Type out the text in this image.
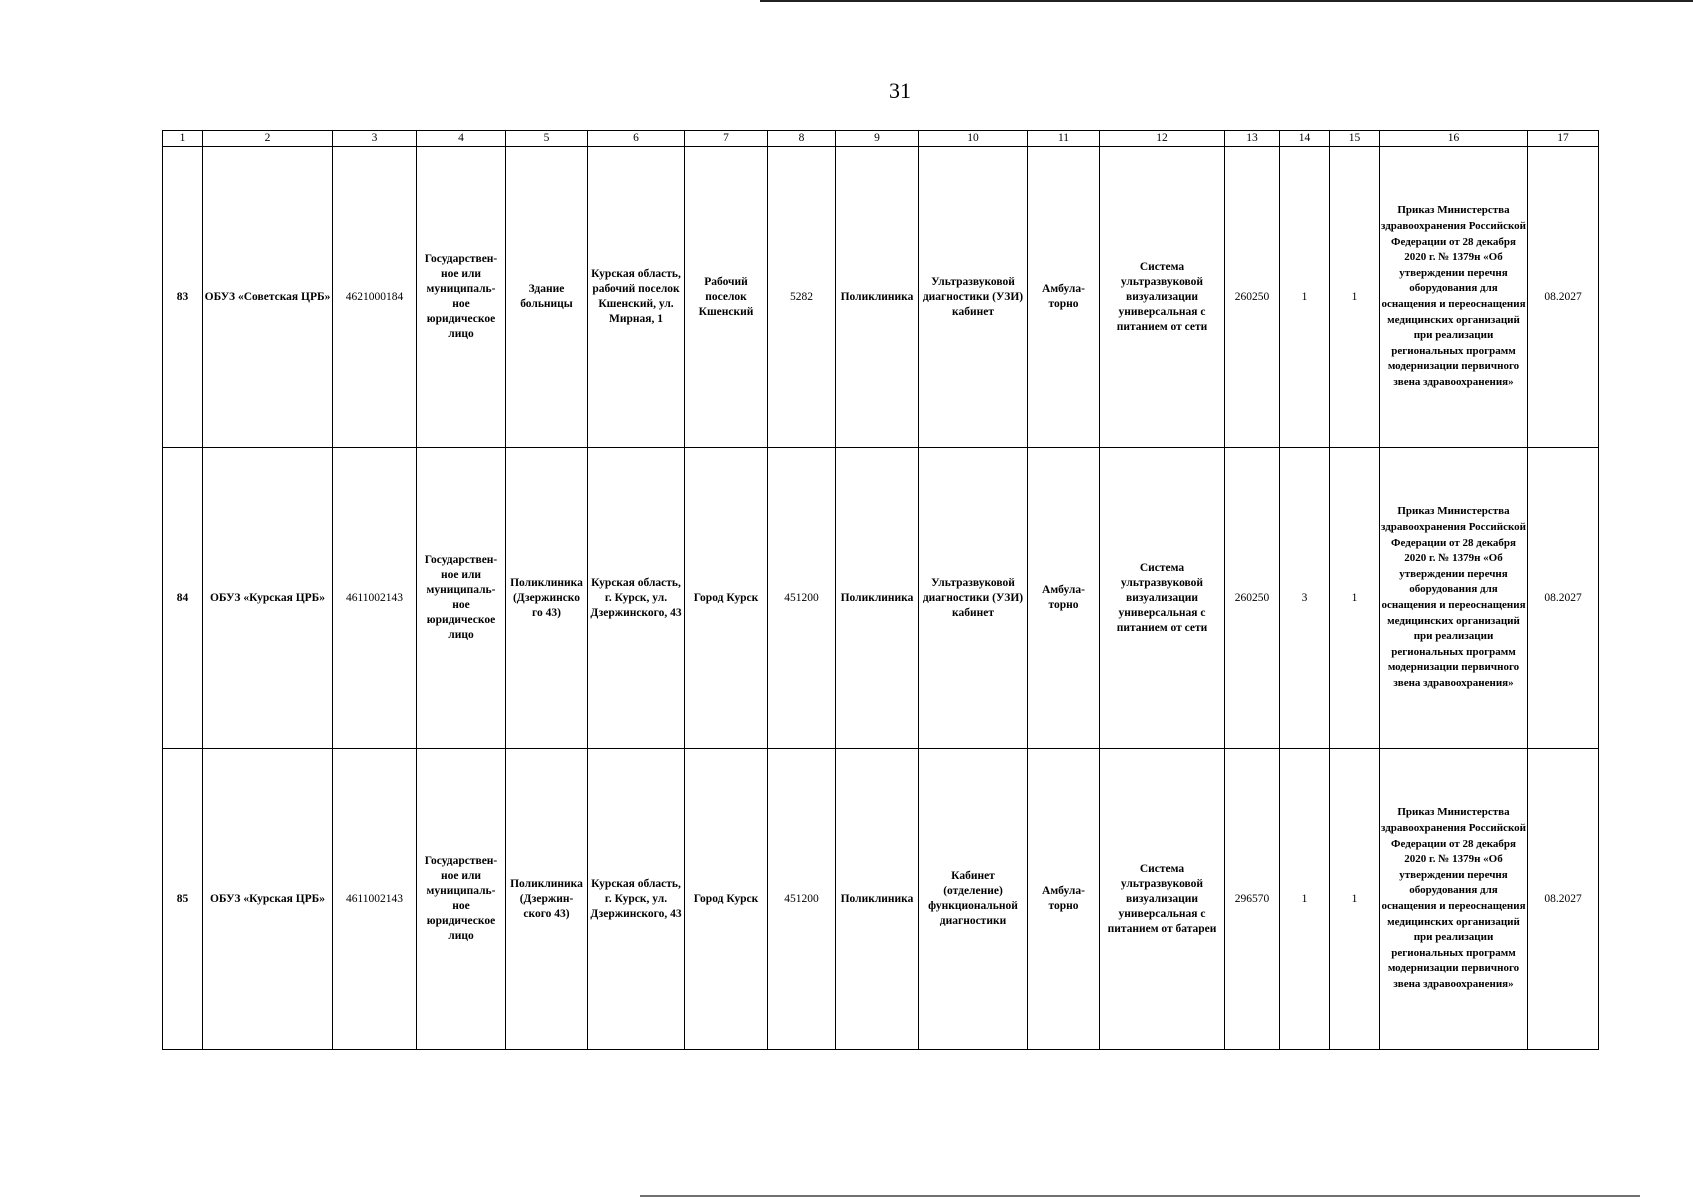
31
1	2	3	4	5	6	7	8	9	10	11	12	13	14	15	16	17
83	ОБУЗ «Советская ЦРБ»	4621000184	Государствен-ное или муниципаль-ное юридическое лицо	Здание больницы	Курская область, рабочий поселок Кшенский, ул. Мирная, 1	Рабочий поселок Кшенский	5282	Поликлиника	Ультразвуковой диагностики (УЗИ) кабинет	Амбула-торно	Система ультразвуковой визуализации универсальная с питанием от сети	260250	1	1	Приказ Министерства здравоохранения Российской Федерации от 28 декабря 2020 г. № 1379н «Об утверждении перечня оборудования для оснащения и переоснащения медицинских организаций при реализации региональных программ модернизации первичного звена здравоохранения»	08.2027
84	ОБУЗ «Курская ЦРБ»	4611002143	Государствен-ное или муниципаль-ное юридическое лицо	Поликлиника (Дзержинско го 43)	Курская область, г. Курск, ул. Дзержинского, 43	Город Курск	451200	Поликлиника	Ультразвуковой диагностики (УЗИ) кабинет	Амбула-торно	Система ультразвуковой визуализации универсальная с питанием от сети	260250	3	1	Приказ Министерства здравоохранения Российской Федерации от 28 декабря 2020 г. № 1379н «Об утверждении перечня оборудования для оснащения и переоснащения медицинских организаций при реализации региональных программ модернизации первичного звена здравоохранения»	08.2027
85	ОБУЗ «Курская ЦРБ»	4611002143	Государствен-ное или муниципаль-ное юридическое лицо	Поликлиника (Дзержин-ского 43)	Курская область, г. Курск, ул. Дзержинского, 43	Город Курск	451200	Поликлиника	Кабинет (отделение) функциональной диагностики	Амбула-торно	Система ультразвуковой визуализации универсальная с питанием от батареи	296570	1	1	Приказ Министерства здравоохранения Российской Федерации от 28 декабря 2020 г. № 1379н «Об утверждении перечня оборудования для оснащения и переоснащения медицинских организаций при реализации региональных программ модернизации первичного звена здравоохранения»	08.2027
